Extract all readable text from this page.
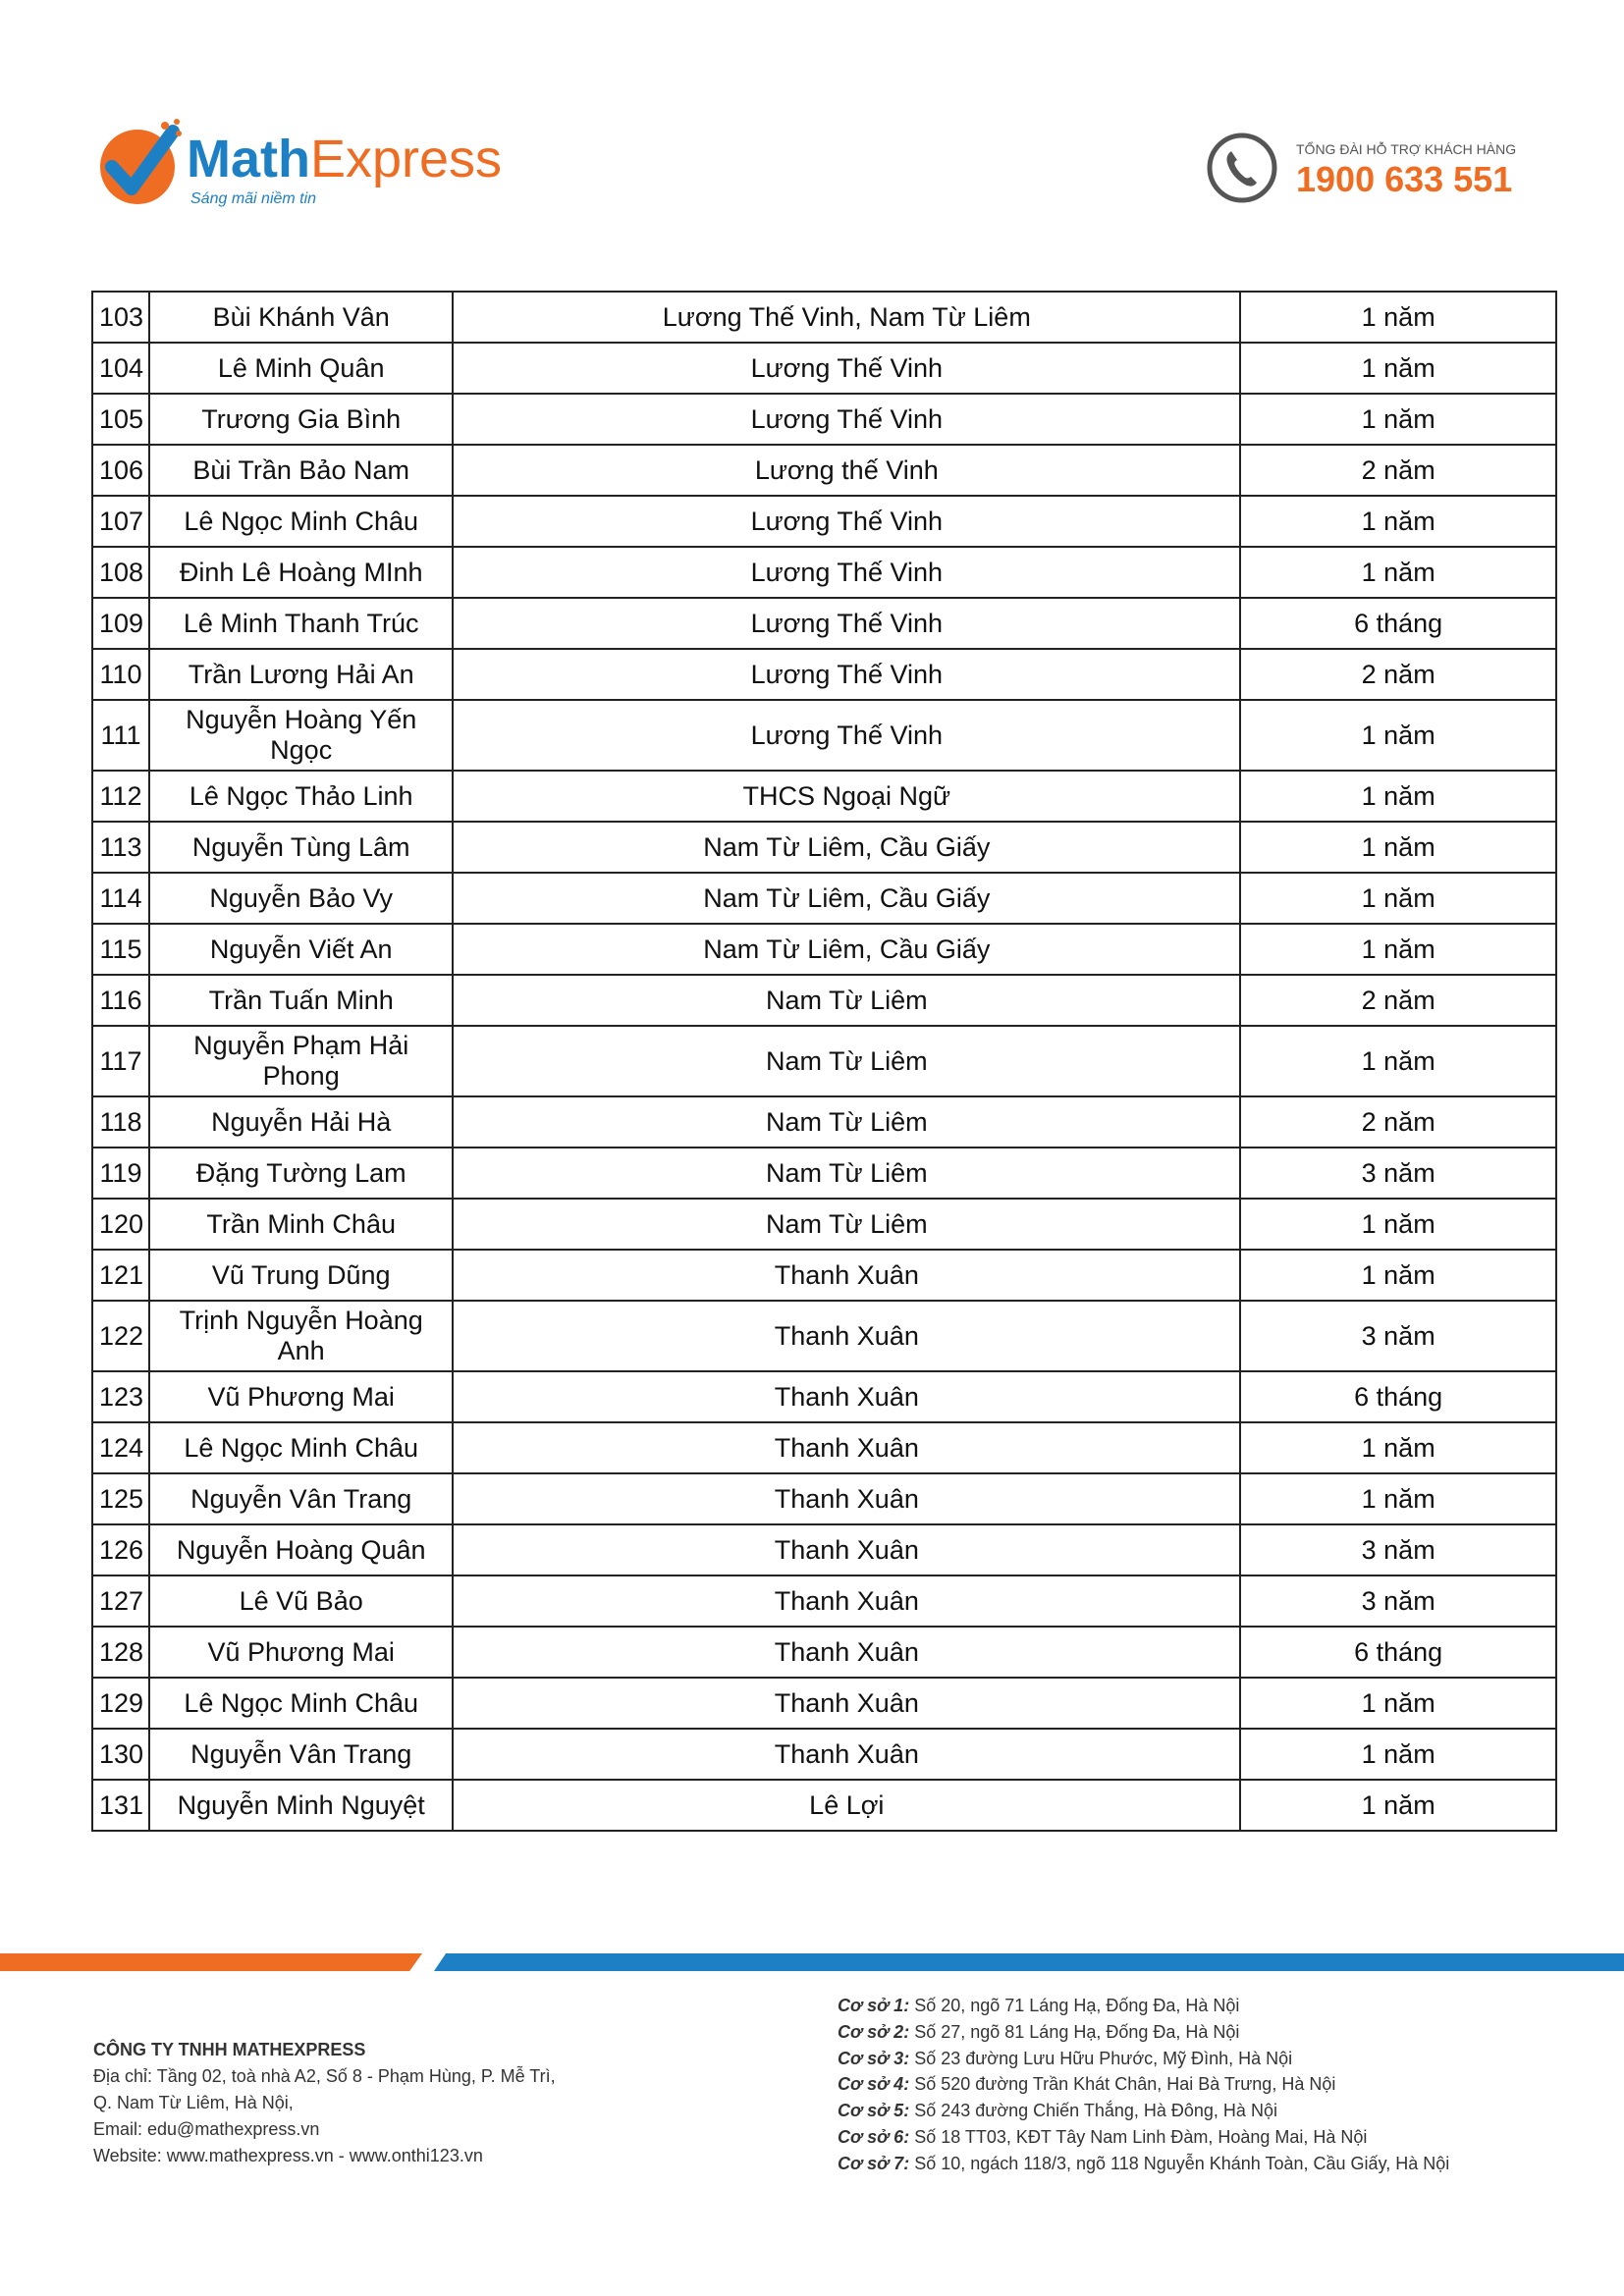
MathExpress
Sáng mãi niềm tin
TỔNG ĐÀI HỖ TRỢ KHÁCH HÀNG
1900 633 551
103	Bùi Khánh Vân	Lương Thế Vinh, Nam Từ Liêm	1 năm
104	Lê Minh Quân	Lương Thế Vinh	1 năm
105	Trương Gia Bình	Lương Thế Vinh	1 năm
106	Bùi Trần Bảo Nam	Lương thế Vinh	2 năm
107	Lê Ngọc Minh Châu	Lương Thế Vinh	1 năm
108	Đinh Lê Hoàng MInh	Lương Thế Vinh	1 năm
109	Lê Minh Thanh Trúc	Lương Thế Vinh	6 tháng
110	Trần Lương Hải An	Lương Thế Vinh	2 năm
111	Nguyễn Hoàng Yến Ngọc	Lương Thế Vinh	1 năm
112	Lê Ngọc Thảo Linh	THCS Ngoại Ngữ	1 năm
113	Nguyễn Tùng Lâm	Nam Từ Liêm, Cầu Giấy	1 năm
114	Nguyễn Bảo Vy	Nam Từ Liêm, Cầu Giấy	1 năm
115	Nguyễn Viết An	Nam Từ Liêm, Cầu Giấy	1 năm
116	Trần Tuấn Minh	Nam Từ Liêm	2 năm
117	Nguyễn Phạm Hải Phong	Nam Từ Liêm	1 năm
118	Nguyễn Hải Hà	Nam Từ Liêm	2 năm
119	Đặng Tường Lam	Nam Từ Liêm	3 năm
120	Trần Minh Châu	Nam Từ Liêm	1 năm
121	Vũ Trung Dũng	Thanh Xuân	1 năm
122	Trịnh Nguyễn Hoàng Anh	Thanh Xuân	3 năm
123	Vũ Phương Mai	Thanh Xuân	6 tháng
124	Lê Ngọc Minh Châu	Thanh Xuân	1 năm
125	Nguyễn Vân Trang	Thanh Xuân	1 năm
126	Nguyễn Hoàng Quân	Thanh Xuân	3 năm
127	Lê Vũ Bảo	Thanh Xuân	3 năm
128	Vũ Phương Mai	Thanh Xuân	6 tháng
129	Lê Ngọc Minh Châu	Thanh Xuân	1 năm
130	Nguyễn Vân Trang	Thanh Xuân	1 năm
131	Nguyễn Minh Nguyệt	Lê Lợi	1 năm
CÔNG TY TNHH MATHEXPRESS
Địa chỉ: Tầng 02, toà nhà A2, Số 8 - Phạm Hùng, P. Mễ Trì,
Q. Nam Từ Liêm, Hà Nội,
Email: edu@mathexpress.vn
Website: www.mathexpress.vn - www.onthi123.vn
Cơ sở 1: Số 20, ngõ 71 Láng Hạ, Đống Đa, Hà Nội
Cơ sở 2: Số 27, ngõ 81 Láng Hạ, Đống Đa, Hà Nội
Cơ sở 3: Số 23 đường Lưu Hữu Phước, Mỹ Đình, Hà Nội
Cơ sở 4: Số 520 đường Trần Khát Chân, Hai Bà Trưng, Hà Nội
Cơ sở 5: Số 243 đường Chiến Thắng, Hà Đông, Hà Nội
Cơ sở 6: Số 18 TT03, KĐT Tây Nam Linh Đàm, Hoàng Mai, Hà Nội
Cơ sở 7: Số 10, ngách 118/3, ngõ 118 Nguyễn Khánh Toàn, Cầu Giấy, Hà Nội
